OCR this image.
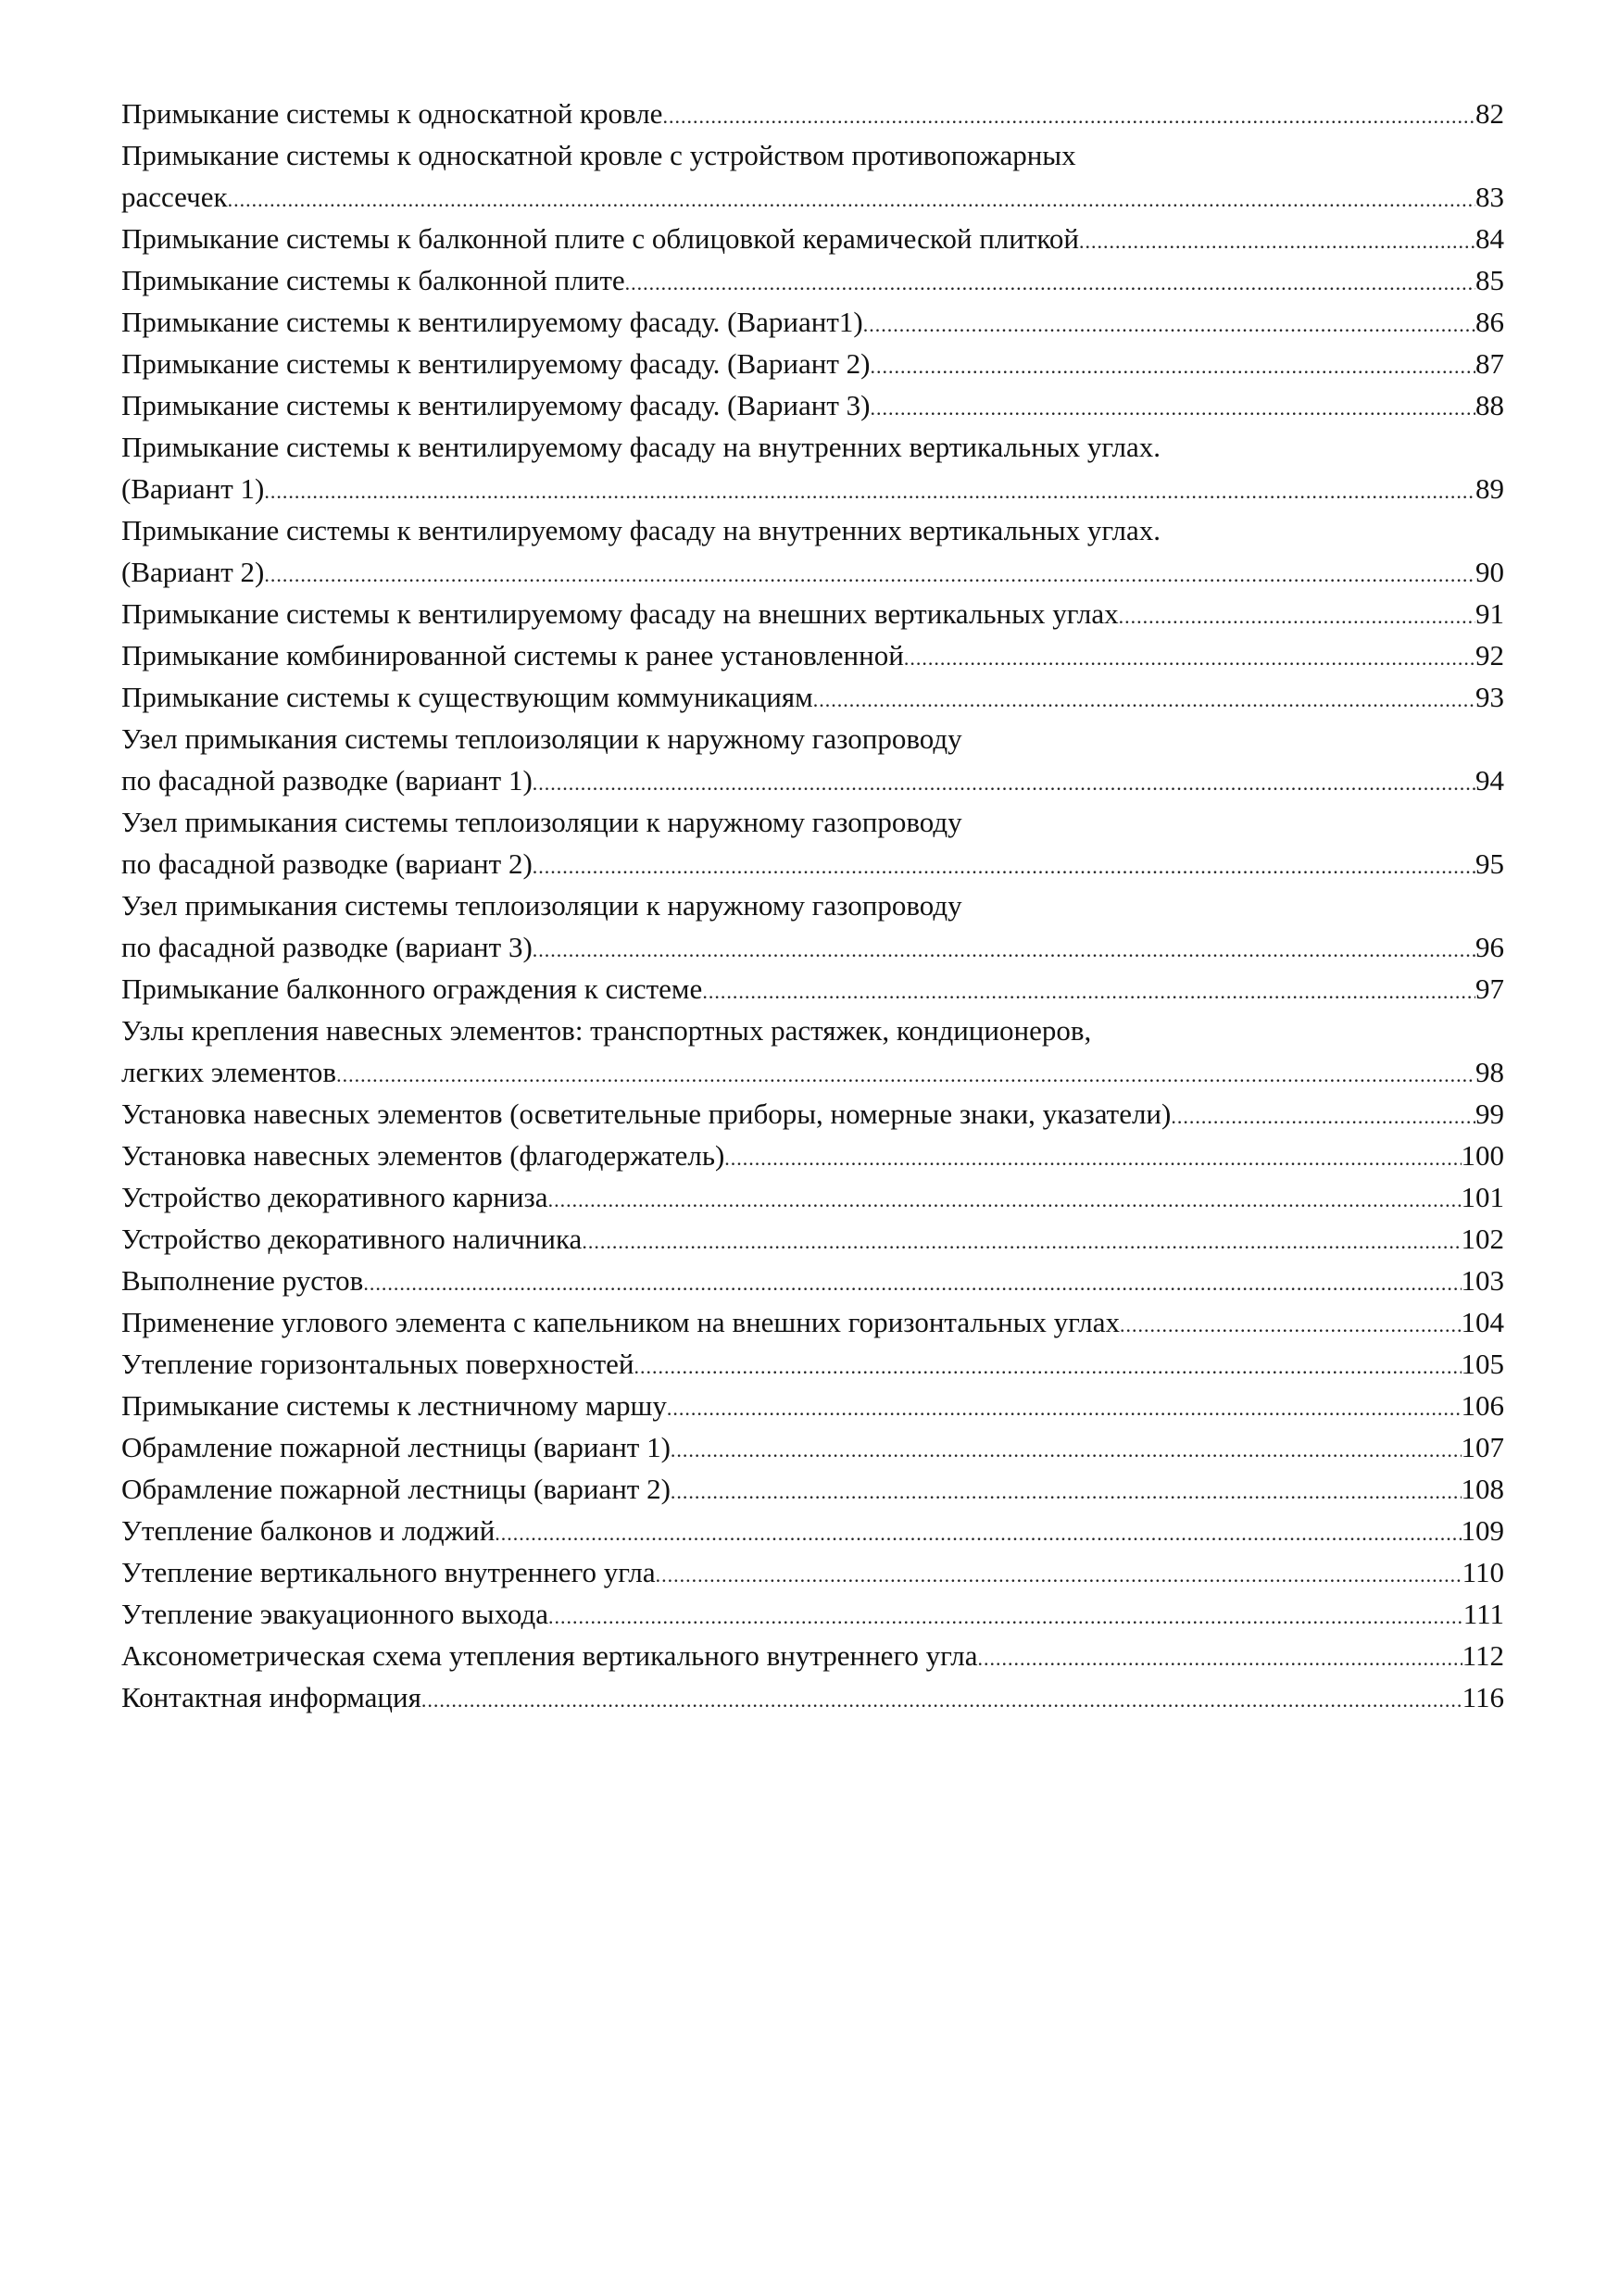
Примыкание системы к односкатной кровле .....	82
Примыкание системы к односкатной кровле с устройством противопожарных
рассечек .....	83
Примыкание системы к балконной плите с облицовкой керамической плиткой .....	84
Примыкание системы к балконной плите .....	85
Примыкание системы к вентилируемому фасаду. (Вариант1) .....	86
Примыкание системы к вентилируемому фасаду. (Вариант 2) .....	87
Примыкание системы к вентилируемому фасаду. (Вариант 3) .....	88
Примыкание системы к вентилируемому фасаду на внутренних вертикальных углах.
(Вариант 1) .....	89
Примыкание системы к вентилируемому фасаду на внутренних вертикальных углах.
(Вариант 2) .....	90
Примыкание системы к вентилируемому фасаду на внешних вертикальных углах .....	91
Примыкание комбинированной системы к ранее установленной .....	92
Примыкание системы к существующим коммуникациям .....	93
Узел примыкания системы теплоизоляции к наружному газопроводу
по фасадной разводке (вариант 1) .....	94
Узел примыкания системы теплоизоляции к наружному газопроводу
по фасадной разводке (вариант 2) .....	95
Узел примыкания системы теплоизоляции к наружному газопроводу
по фасадной разводке (вариант 3) .....	96
Примыкание балконного ограждения к системе .....	97
Узлы крепления навесных элементов: транспортных растяжек, кондиционеров,
легких элементов .....	98
Установка навесных элементов (осветительные приборы, номерные знаки, указатели) .....	99
Установка навесных элементов (флагодержатель) .....	100
Устройство декоративного карниза .....	101
Устройство декоративного наличника .....	102
Выполнение рустов .....	103
Применение углового элемента с капельником на внешних горизонтальных углах .....	104
Утепление горизонтальных поверхностей .....	105
Примыкание системы к лестничному маршу .....	106
Обрамление пожарной лестницы (вариант 1) .....	107
Обрамление пожарной лестницы (вариант 2) .....	108
Утепление балконов и лоджий .....	109
Утепление вертикального внутреннего угла .....	110
Утепление эвакуационного выхода .....	111
Аксонометрическая схема утепления вертикального внутреннего угла .....	112
Контактная информация .....	116
